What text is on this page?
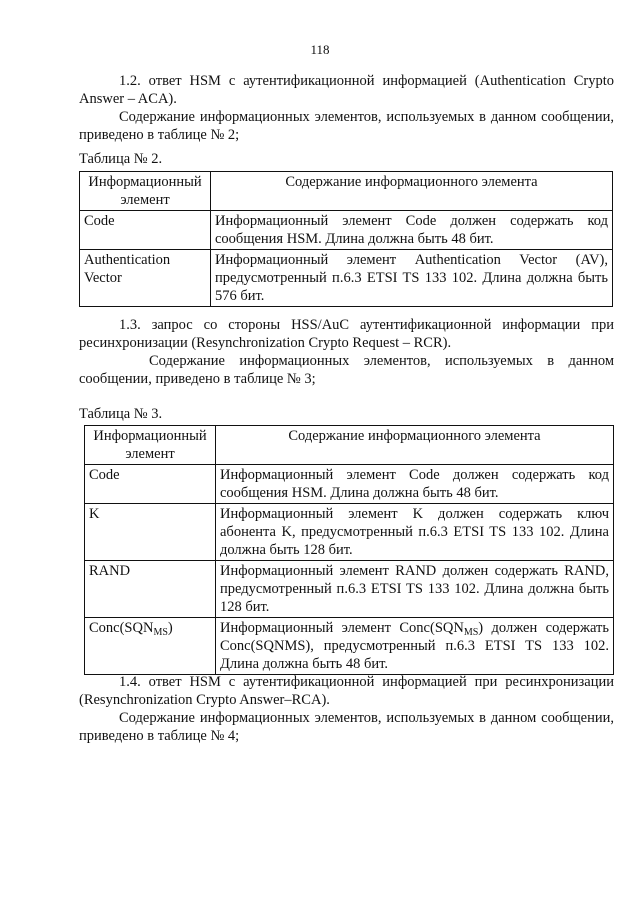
118
1.2. ответ HSM с аутентификационной информацией (Authentication Crypto Answer – ACA).
Содержание информационных элементов, используемых в данном сообщении, приведено в таблице № 2;
Таблица № 2.
Информационный элемент	Содержание информационного элемента
Code	Информационный элемент Code должен содержать код сообщения HSM. Длина должна быть 48 бит.
Authentication Vector	Информационный элемент Authentication Vector (AV), предусмотренный п.6.3 ETSI TS 133 102. Длина должна быть 576 бит.
1.3. запрос со стороны HSS/AuC аутентификационной информации при ресинхронизации (Resynchronization Crypto Request – RCR).
Содержание информационных элементов, используемых в данном сообщении, приведено в таблице № 3;
Таблица № 3.
Информационный элемент	Содержание информационного элемента
Code	Информационный элемент Code должен содержать код сообщения HSM. Длина должна быть 48 бит.
K	Информационный элемент K должен содержать ключ абонента K, предусмотренный п.6.3 ETSI TS 133 102. Длина должна быть 128 бит.
RAND	Информационный элемент RAND должен содержать RAND, предусмотренный п.6.3 ETSI TS 133 102. Длина должна быть 128 бит.
$Conc(SQN_{MS})$	Информационный элемент $Conc(SQN_{MS})$ должен содержать Conc(SQNMS), предусмотренный п.6.3 ETSI TS 133 102. Длина должна быть 48 бит.
1.4. ответ HSM с аутентификационной информацией при ресинхронизации (Resynchronization Crypto Answer–RCA).
Содержание информационных элементов, используемых в данном сообщении, приведено в таблице № 4;
